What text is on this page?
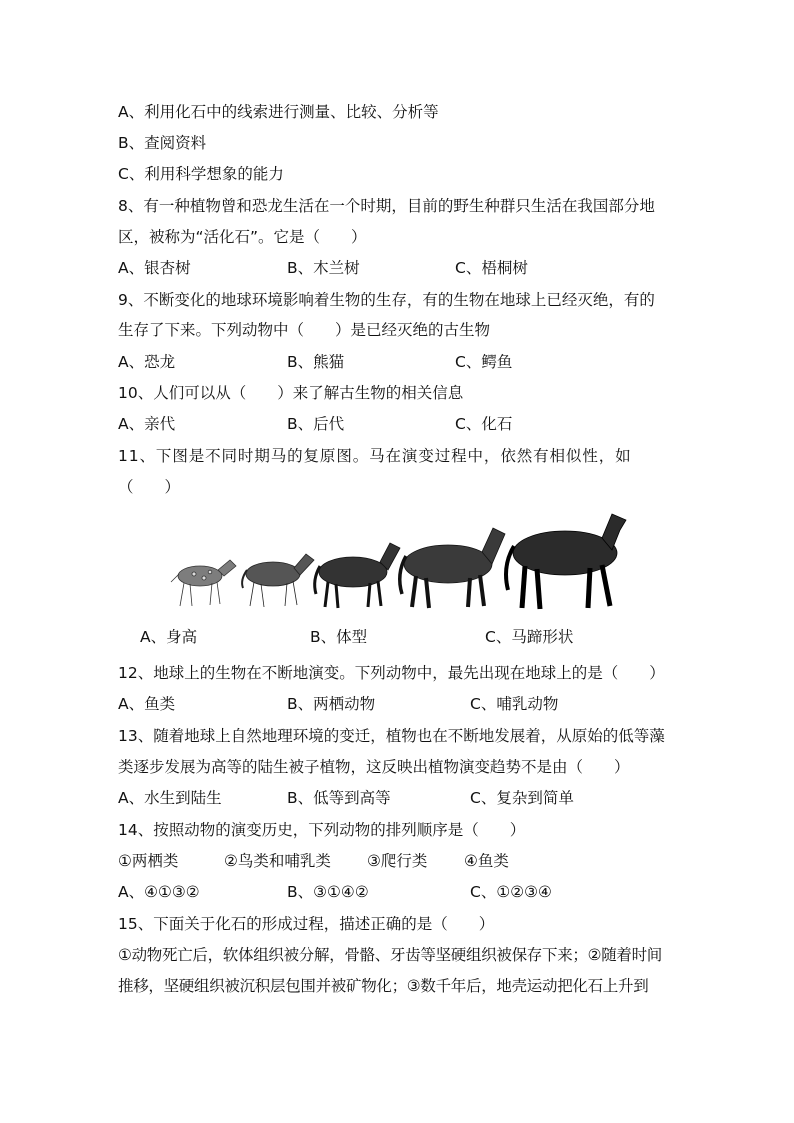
A、利用化石中的线索进行测量、比较、分析等
B、查阅资料
C、利用科学想象的能力
8、有一种植物曾和恐龙生活在一个时期，目前的野生种群只生活在我国部分地
区，被称为“活化石”。它是（　　）
A、银杏树	B、木兰树	C、梧桐树
9、不断变化的地球环境影响着生物的生存，有的生物在地球上已经灭绝，有的
生存了下来。下列动物中（　　）是已经灭绝的古生物
A、恐龙	B、熊猫	C、鳄鱼
10、人们可以从（　　）来了解古生物的相关信息
A、亲代	B、后代	C、化石
11、下图是不同时期马的复原图。马在演变过程中，依然有相似性，如
（　　）
A、身高	B、体型	C、马蹄形状
12、地球上的生物在不断地演变。下列动物中，最先出现在地球上的是（　　）
A、鱼类	B、两栖动物	C、哺乳动物
13、随着地球上自然地理环境的变迁，植物也在不断地发展着，从原始的低等藻
类逐步发展为高等的陆生被子植物，这反映出植物演变趋势不是由（　　）
A、水生到陆生	B、低等到高等	C、复杂到简单
14、按照动物的演变历史，下列动物的排列顺序是（　　）
①两栖类	②鸟类和哺乳类 ③爬行类 ④鱼类
A、④①③②	B、③①④②	C、①②③④
15、下面关于化石的形成过程，描述正确的是（　　）
①动物死亡后，软体组织被分解，骨骼、牙齿等坚硬组织被保存下来；②随着时间
推移，坚硬组织被沉积层包围并被矿物化；③数千年后，地壳运动把化石上升到
